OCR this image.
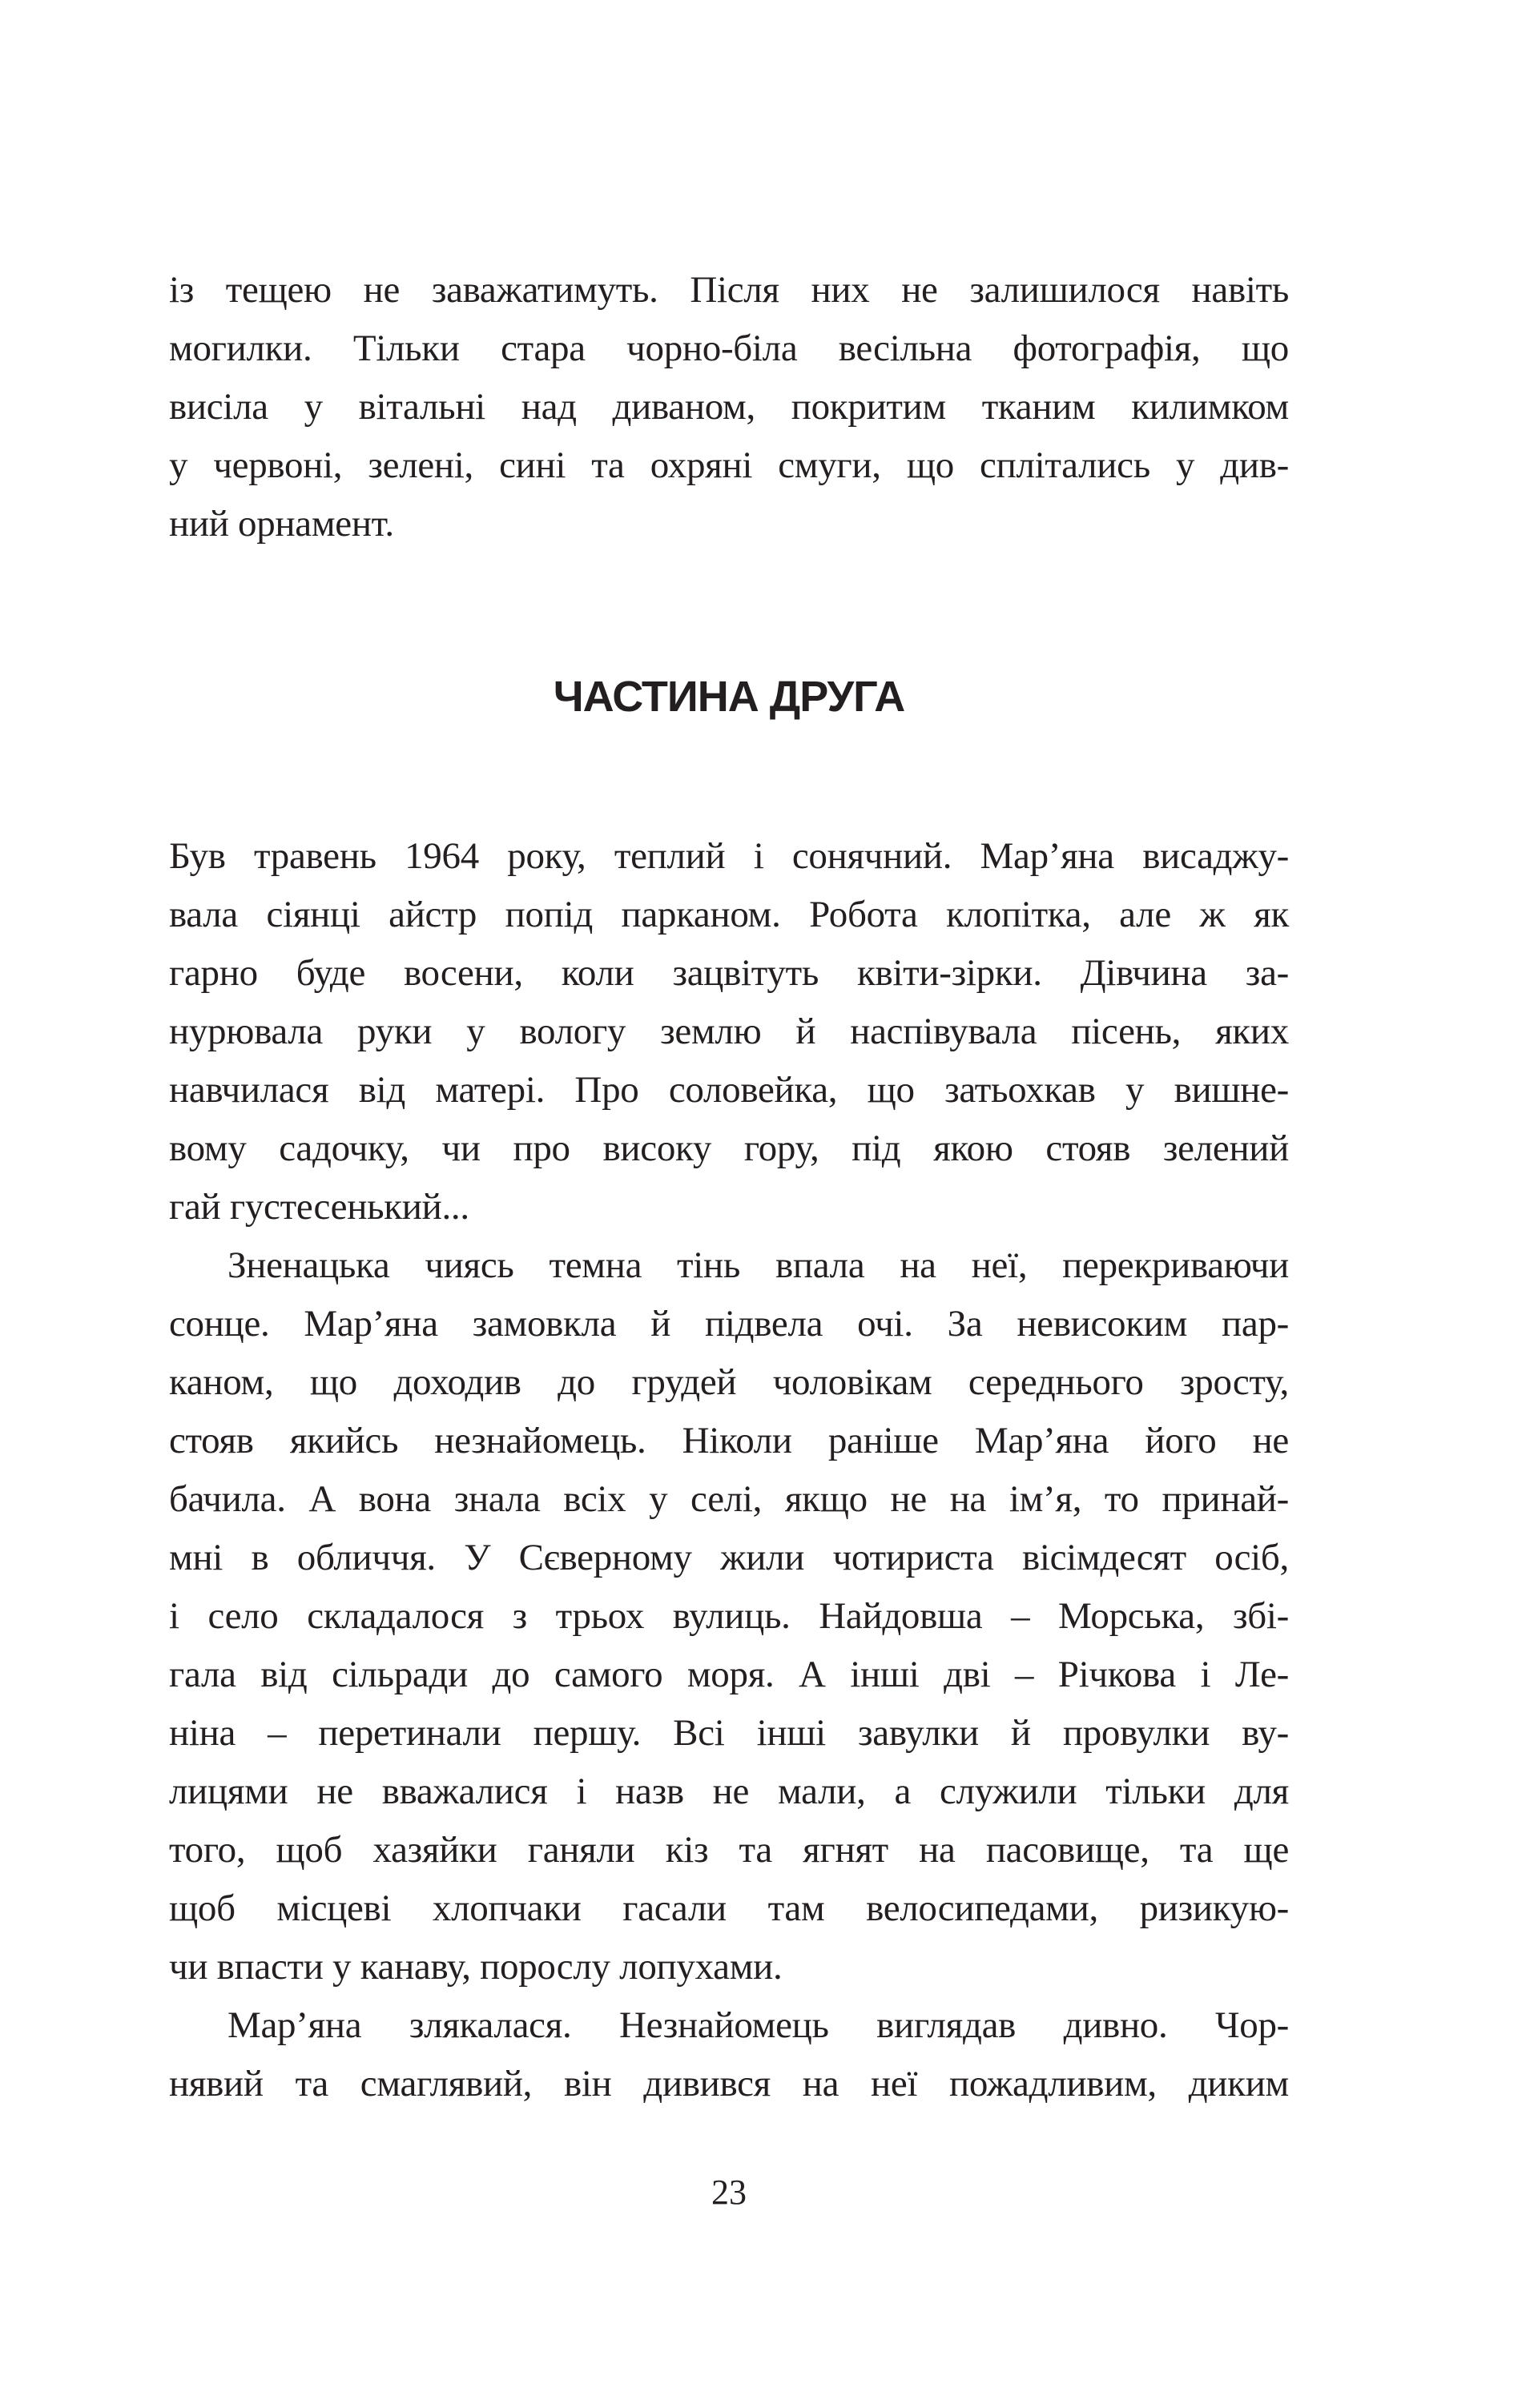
із тещею не заважатимуть. Після них не залишилося навіть
могилки. Тільки стара чорно-біла весільна фотографія, що
висіла у вітальні над диваном, покритим тканим килимком
у червоні, зелені, сині та охряні смуги, що сплітались у див-
ний орнамент.
ЧАСТИНА ДРУГА
Був травень 1964 року, теплий і сонячний. Мар’яна висаджу-
вала сіянці айстр попід парканом. Робота клопітка, але ж як
гарно буде восени, коли зацвітуть квіти-зірки. Дівчина за-
нурювала руки у вологу землю й наспівувала пісень, яких
навчилася від матері. Про соловейка, що затьохкав у вишне-
вому садочку, чи про високу гору, під якою стояв зелений
гай густесенький...
Зненацька чиясь темна тінь впала на неї, перекриваючи
сонце. Мар’яна замовкла й підвела очі. За невисоким пар-
каном, що доходив до грудей чоловікам середнього зросту,
стояв якийсь незнайомець. Ніколи раніше Мар’яна його не
бачила. А вона знала всіх у селі, якщо не на ім’я, то принай-
мні в обличчя. У Сєверному жили чотириста вісімдесят осіб,
і село складалося з трьох вулиць. Найдовша – Морська, збі-
гала від сільради до самого моря. А інші дві – Річкова і Ле-
ніна – перетинали першу. Всі інші завулки й провулки ву-
лицями не вважалися і назв не мали, а служили тільки для
того, щоб хазяйки ганяли кіз та ягнят на пасовище, та ще
щоб місцеві хлопчаки гасали там велосипедами, ризикую-
чи впасти у канаву, порослу лопухами.
Мар’яна злякалася. Незнайомець виглядав дивно. Чор-
нявий та смаглявий, він дивився на неї пожадливим, диким
23
